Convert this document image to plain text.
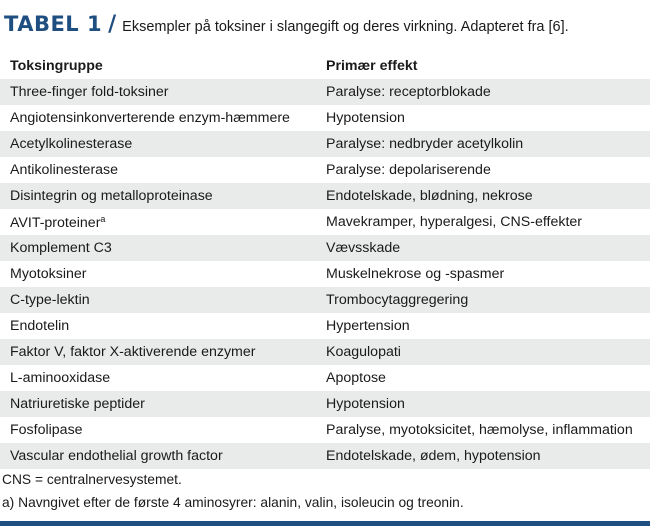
TABEL 1 / Eksempler på toksiner i slangegift og deres virkning. Adapteret fra [6].
Toksingruppe	Primær effekt
Three-finger fold-toksiner	Paralyse: receptorblokade
Angiotensinkonverterende enzym-hæmmere	Hypotension
Acetylkolinesterase	Paralyse: nedbryder acetylkolin
Antikolinesterase	Paralyse: depolariserende
Disintegrin og metalloproteinase	Endotelskade, blødning, nekrose
AVIT-proteiner$^a$	Mavekramper, hyperalgesi, CNS-effekter
Komplement C3	Vævsskade
Myotoksiner	Muskelnekrose og -spasmer
C-type-lektin	Trombocytaggregering
Endotelin	Hypertension
Faktor V, faktor X-aktiverende enzymer	Koagulopati
L-aminooxidase	Apoptose
Natriuretiske peptider	Hypotension
Fosfolipase	Paralyse, myotoksicitet, hæmolyse, inflammation
Vascular endothelial growth factor	Endotelskade, ødem, hypotension
CNS = centralnervesystemet.
a) Navngivet efter de første 4 aminosyrer: alanin, valin, isoleucin og treonin.
